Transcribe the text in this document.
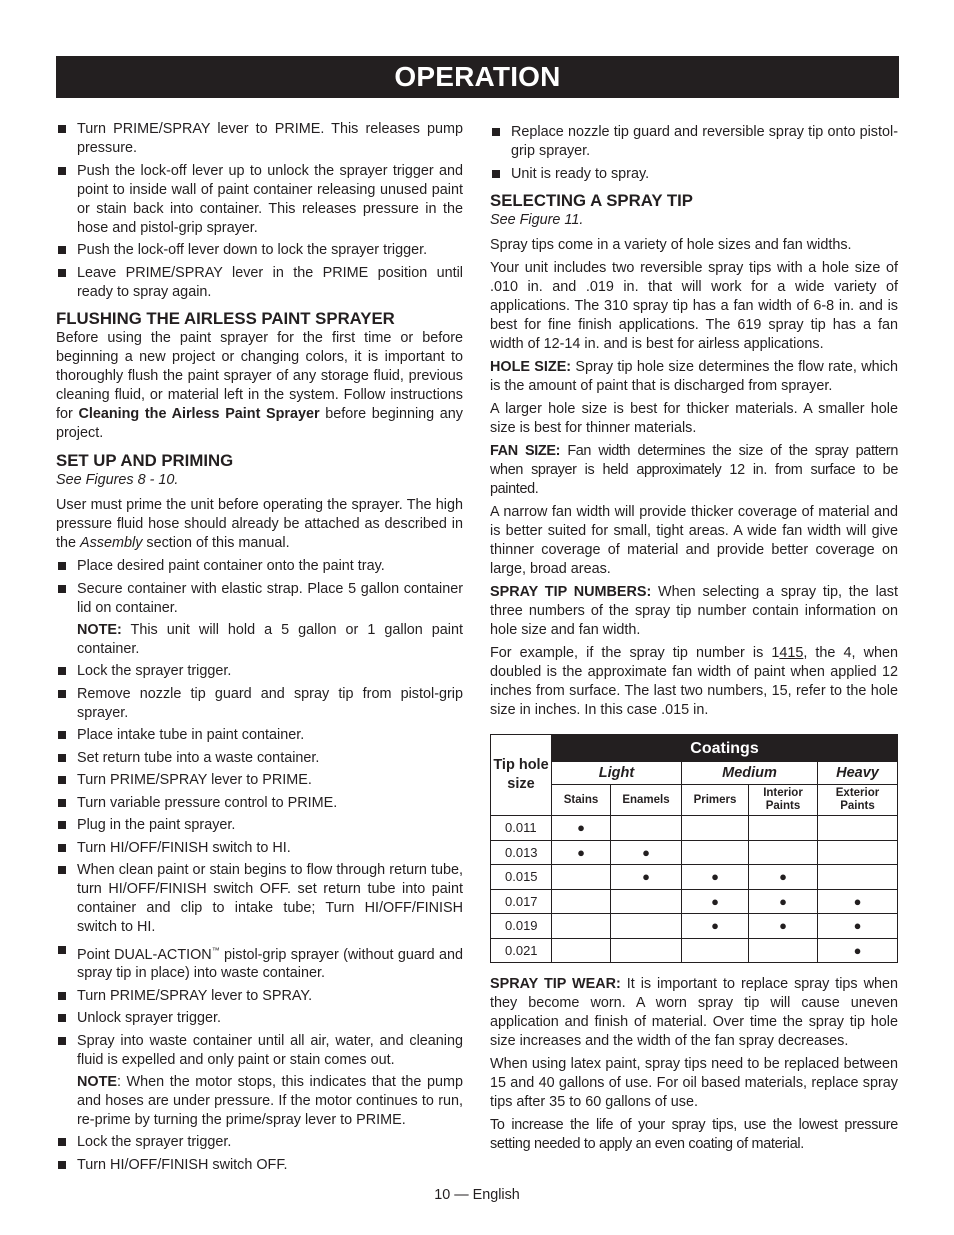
OPERATION
Turn PRIME/SPRAY lever to PRIME. This releases pump pressure.
Push the lock-off lever up to unlock the sprayer trigger and point to inside wall of paint container releasing unused paint or stain back into container. This releases pressure in the hose and pistol-grip sprayer.
Push the lock-off lever down to lock the sprayer trigger.
Leave PRIME/SPRAY lever in the PRIME position until ready to spray again.
FLUSHING THE AIRLESS PAINT SPRAYER

Before using the paint sprayer for the first time or before beginning a new project or changing colors, it is important to thoroughly flush the paint sprayer of any storage fluid, previous cleaning fluid, or material left in the system. Follow instructions for Cleaning the Airless Paint Sprayer before beginning any project.

SET UP AND PRIMING
See Figures 8 - 10.

User must prime the unit before operating the sprayer. The high pressure fluid hose should already be attached as described in the Assembly section of this manual.

Place desired paint container onto the paint tray.
Secure container with elastic strap. Place 5 gallon container lid on container.
NOTE: This unit will hold a 5 gallon or 1 gallon paint container.
Lock the sprayer trigger.
Remove nozzle tip guard and spray tip from pistol-grip sprayer.
Place intake tube in paint container.
Set return tube into a waste container.
Turn PRIME/SPRAY lever to PRIME.
Turn variable pressure control to PRIME.
Plug in the paint sprayer.
Turn HI/OFF/FINISH switch to HI.
When clean paint or stain begins to flow through return tube, turn HI/OFF/FINISH switch OFF. set return tube into paint container and clip to intake tube; Turn HI/OFF/FINISH switch to HI.
Point DUAL-ACTION™ pistol-grip sprayer (without guard and spray tip in place) into waste container.
Turn PRIME/SPRAY lever to SPRAY.
Unlock sprayer trigger.
Spray into waste container until all air, water, and cleaning fluid is expelled and only paint or stain comes out.
NOTE: When the motor stops, this indicates that the pump and hoses are under pressure. If the motor continues to run, re-prime by turning the prime/spray lever to PRIME.
Lock the sprayer trigger.
Turn HI/OFF/FINISH switch OFF.
Replace nozzle tip guard and reversible spray tip onto pistol-grip sprayer.
Unit is ready to spray.
SELECTING A SPRAY TIP
See Figure 11.

Spray tips come in a variety of hole sizes and fan widths.

Your unit includes two reversible spray tips with a hole size of .010 in. and .019 in. that will work for a wide variety of applications. The 310 spray tip has a fan width of 6-8 in. and is best for fine finish applications. The 619 spray tip has a fan width of 12-14 in. and is best for airless applications.

HOLE SIZE: Spray tip hole size determines the flow rate, which is the amount of paint that is discharged from sprayer.

A larger hole size is best for thicker materials. A smaller hole size is best for thinner materials.

FAN SIZE: Fan width determines the size of the spray pattern when sprayer is held approximately 12 in. from surface to be painted.

A narrow fan width will provide thicker coverage of material and is better suited for small, tight areas. A wide fan width will give thinner coverage of material and provide better coverage on large, broad areas.

SPRAY TIP NUMBERS: When selecting a spray tip, the last three numbers of the spray tip number contain information on hole size and fan width.

For example, if the spray tip number is 1415, the 4, when doubled is the approximate fan width of paint when applied 12 inches from surface. The last two numbers, 15, refer to the hole size in inches. In this case .015 in.

Tip hole size	Coatings				
	Light		Medium		Heavy
	Stains	Enamels	Primers	Interior Paints	Exterior Paints
0.011	●				
0.013	●	●			
0.015		●	●	●	
0.017			●	●	●
0.019			●	●	●
0.021					●

SPRAY TIP WEAR: It is important to replace spray tips when they become worn. A worn spray tip will cause uneven application and finish of material. Over time the spray tip hole size increases and the width of the fan spray decreases.

When using latex paint, spray tips need to be replaced between 15 and 40 gallons of use. For oil based materials, replace spray tips after 35 to 60 gallons of use.

To increase the life of your spray tips, use the lowest pressure setting needed to apply an even coating of material.

10 — English
